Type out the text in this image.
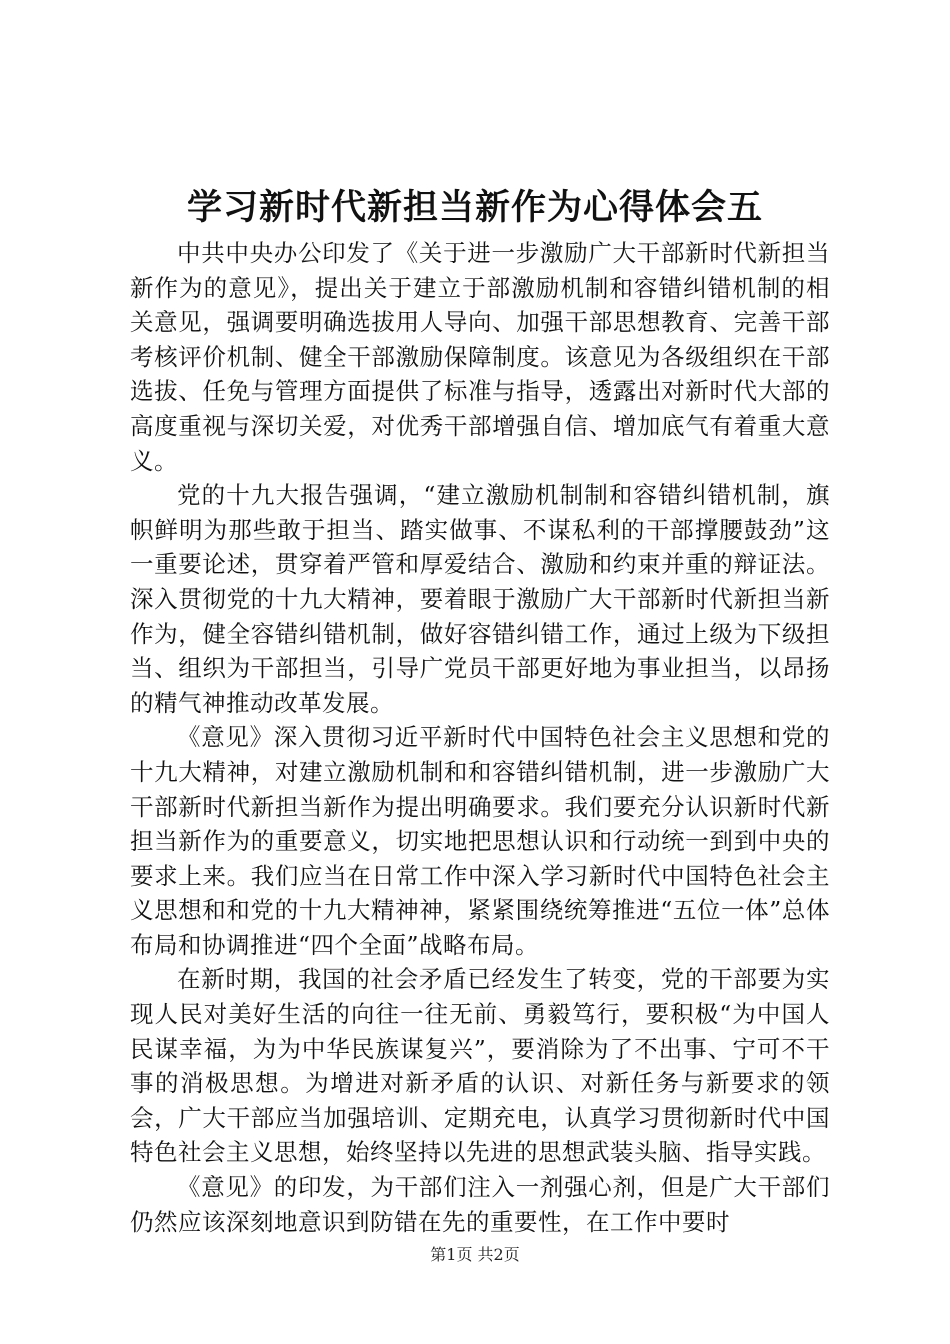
学习新时代新担当新作为心得体会五

中共中央办公印发了《关于进一步激励广大干部新时代新担当新作为的意见》，提出关于建立于部激励机制和容错纠错机制的相关意见，强调要明确选拔用人导向、加强干部思想教育、完善干部考核评价机制、健全干部激励保障制度。该意见为各级组织在干部选拔、任免与管理方面提供了标准与指导，透露出对新时代大部的高度重视与深切关爱，对优秀干部增强自信、增加底气有着重大意义。

党的十九大报告强调，“建立激励机制制和容错纠错机制，旗帜鲜明为那些敢于担当、踏实做事、不谋私利的干部撑腰鼓劲”这一重要论述，贯穿着严管和厚爱结合、激励和约束并重的辩证法。深入贯彻党的十九大精神，要着眼于激励广大干部新时代新担当新作为，健全容错纠错机制，做好容错纠错工作，通过上级为下级担当、组织为干部担当，引导广党员干部更好地为事业担当，以昂扬的精气神推动改革发展。

《意见》深入贯彻习近平新时代中国特色社会主义思想和党的十九大精神，对建立激励机制和和容错纠错机制，进一步激励广大干部新时代新担当新作为提出明确要求。我们要充分认识新时代新担当新作为的重要意义，切实地把思想认识和行动统一到到中央的要求上来。我们应当在日常工作中深入学习新时代中国特色社会主义思想和和党的十九大精神神，紧紧围绕统筹推进“五位一体”总体布局和协调推进“四个全面”战略布局。

在新时期，我国的社会矛盾已经发生了转变，党的干部要为实现人民对美好生活的向往一往无前、勇毅笃行，要积极“为中国人民谋幸福，为为中华民族谋复兴”，要消除为了不出事、宁可不干事的消极思想。为增进对新矛盾的认识、对新任务与新要求的领会，广大干部应当加强培训、定期充电，认真学习贯彻新时代中国特色社会主义思想，始终坚持以先进的思想武装头脑、指导实践。

《意见》的印发，为干部们注入一剂强心剂，但是广大干部们仍然应该深刻地意识到防错在先的重要性，在工作中要时

第1页 共2页
